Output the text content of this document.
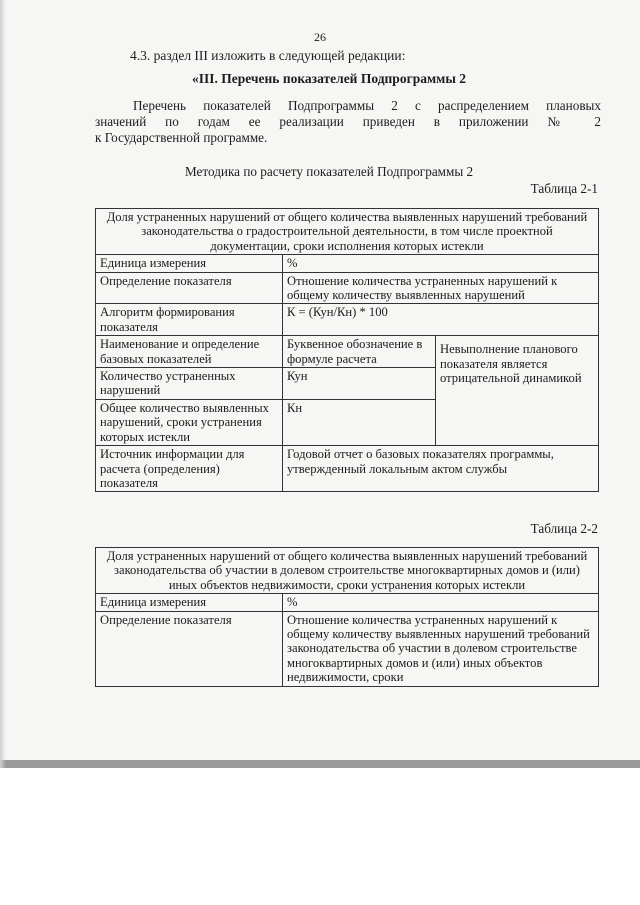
26
4.3. раздел III изложить в следующей редакции:
«III. Перечень показателей Подпрограммы 2
Перечень показателей Подпрограммы 2 с распределением плановых
значений по годам ее реализации приведен в приложении № 2
к Государственной программе.
Методика по расчету показателей Подпрограммы 2
Таблица 2-1
Доля устраненных нарушений от общего количества выявленных нарушений требований законодательства о градостроительной деятельности, в том числе проектной документации, сроки исполнения которых истекли		
Единица измерения	%	
Определение показателя	Отношение количества устраненных нарушений к общему количеству выявленных нарушений	
Алгоритм формирования показателя	К = (Кун/Кн) * 100	
Наименование и определение базовых показателей	Буквенное обозначение в формуле расчета	Невыполнение планового показателя является отрицательной динамикой
Количество устраненных нарушений	Кун	
Общее количество выявленных нарушений, сроки устранения которых истекли	Кн	
Источник информации для расчета (определения) показателя	Годовой отчет о базовых показателях программы, утвержденный локальным актом службы	
Таблица 2-2
Доля устраненных нарушений от общего количества выявленных нарушений требований законодательства об участии в долевом строительстве многоквартирных домов и (или) иных объектов недвижимости, сроки устранения которых истекли	
Единица измерения	%
Определение показателя	Отношение количества устраненных нарушений к общему количеству выявленных нарушений требований законодательства об участии в долевом строительстве многоквартирных домов и (или) иных объектов недвижимости, сроки
